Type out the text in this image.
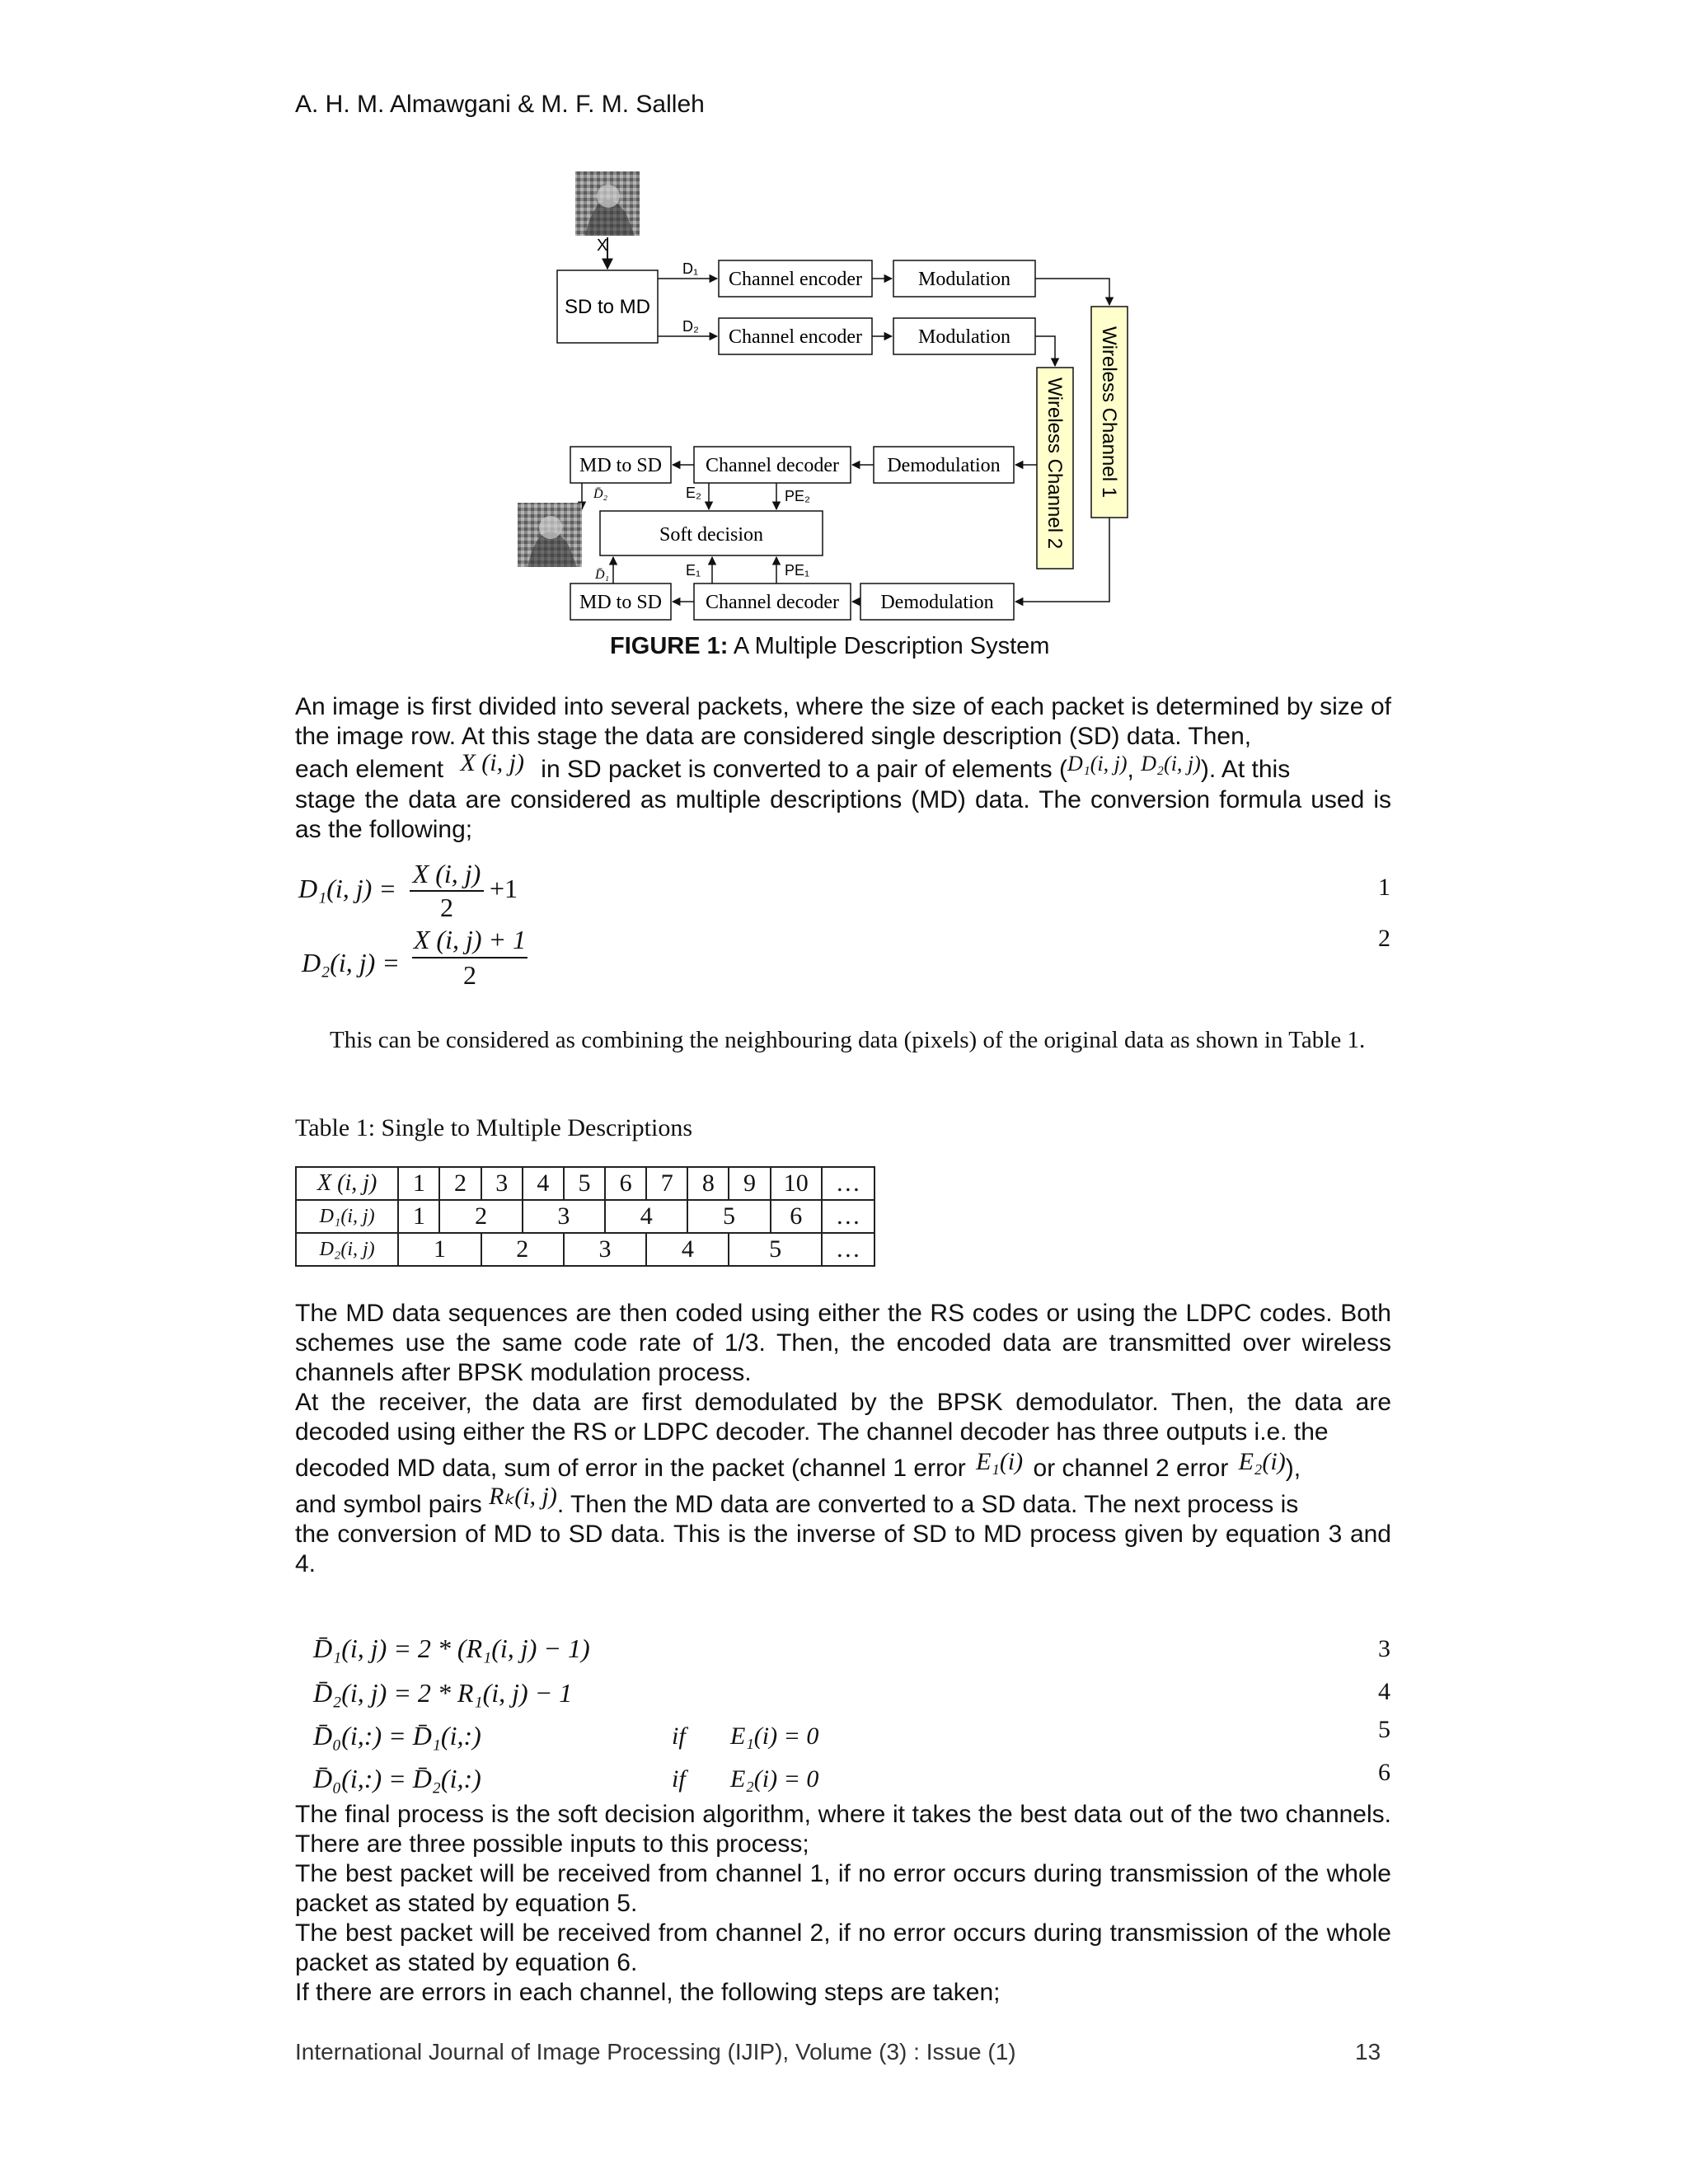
A. H. M. Almawgani & M. F. M. Salleh
X
SD to MD
D₁
D₂
Channel encoder
Channel encoder
Modulation
Modulation	Wireless Channel 1
Wireless Channel 2
Demodulation
Channel decoder
MD to SD
D̄₂	E₂	PE₂
Soft decision
D̄₁	E₁	PE₁
Demodulation
Channel decoder
MD to SD
FIGURE 1: A Multiple Description System
An image is first divided into several packets, where the size of each packet is determined by size of the image row. At this stage the data are considered single description (SD) data. Then,
each element X (i, j) in SD packet is converted to a pair of elements (D₁(i, j), D₂(i, j)). At this
stage the data are considered as multiple descriptions (MD) data. The conversion formula used is as the following;
D₁(i, j) = X (i, j)
2
+1	1
D₂(i, j) =
X (i, j) + 1
2
2
This can be considered as combining the neighbouring data (pixels) of the original data as shown in Table 1.
Table 1: Single to Multiple Descriptions
X (i, j)	1	2	3	4	5	6	7	8	9	10	…
D₁(i, j)	1	2		3		4		5		6	…
D₂(i, j)	1		2		3		4		5		…
The MD data sequences are then coded using either the RS codes or using the LDPC codes. Both schemes use the same code rate of 1/3. Then, the encoded data are transmitted over wireless channels after BPSK modulation process.
At the receiver, the data are first demodulated by the BPSK demodulator. Then, the data are decoded using either the RS or LDPC decoder. The channel decoder has three outputs i.e. the
decoded MD data, sum of error in the packet (channel 1 error E₁(i) or channel 2 error E₂(i)),
and symbol pairs Rₖ(i, j). Then the MD data are converted to a SD data. The next process is
the conversion of MD to SD data. This is the inverse of SD to MD process given by equation 3 and 4.
D̄₁(i, j) = 2 * (R₁(i, j) − 1)	3
D̄₂(i, j) = 2 * R₁(i, j) − 1	4
D̄₀(i,:) = D̄₁(i,:)	if E₁(i) = 0	5
D̄₀(i,:) = D̄₂(i,:)	if E₂(i) = 0	6
The final process is the soft decision algorithm, where it takes the best data out of the two channels. There are three possible inputs to this process;
The best packet will be received from channel 1, if no error occurs during transmission of the whole packet as stated by equation 5.
The best packet will be received from channel 2, if no error occurs during transmission of the whole packet as stated by equation 6.
If there are errors in each channel, the following steps are taken;
International Journal of Image Processing (IJIP), Volume (3) : Issue (1)	13
